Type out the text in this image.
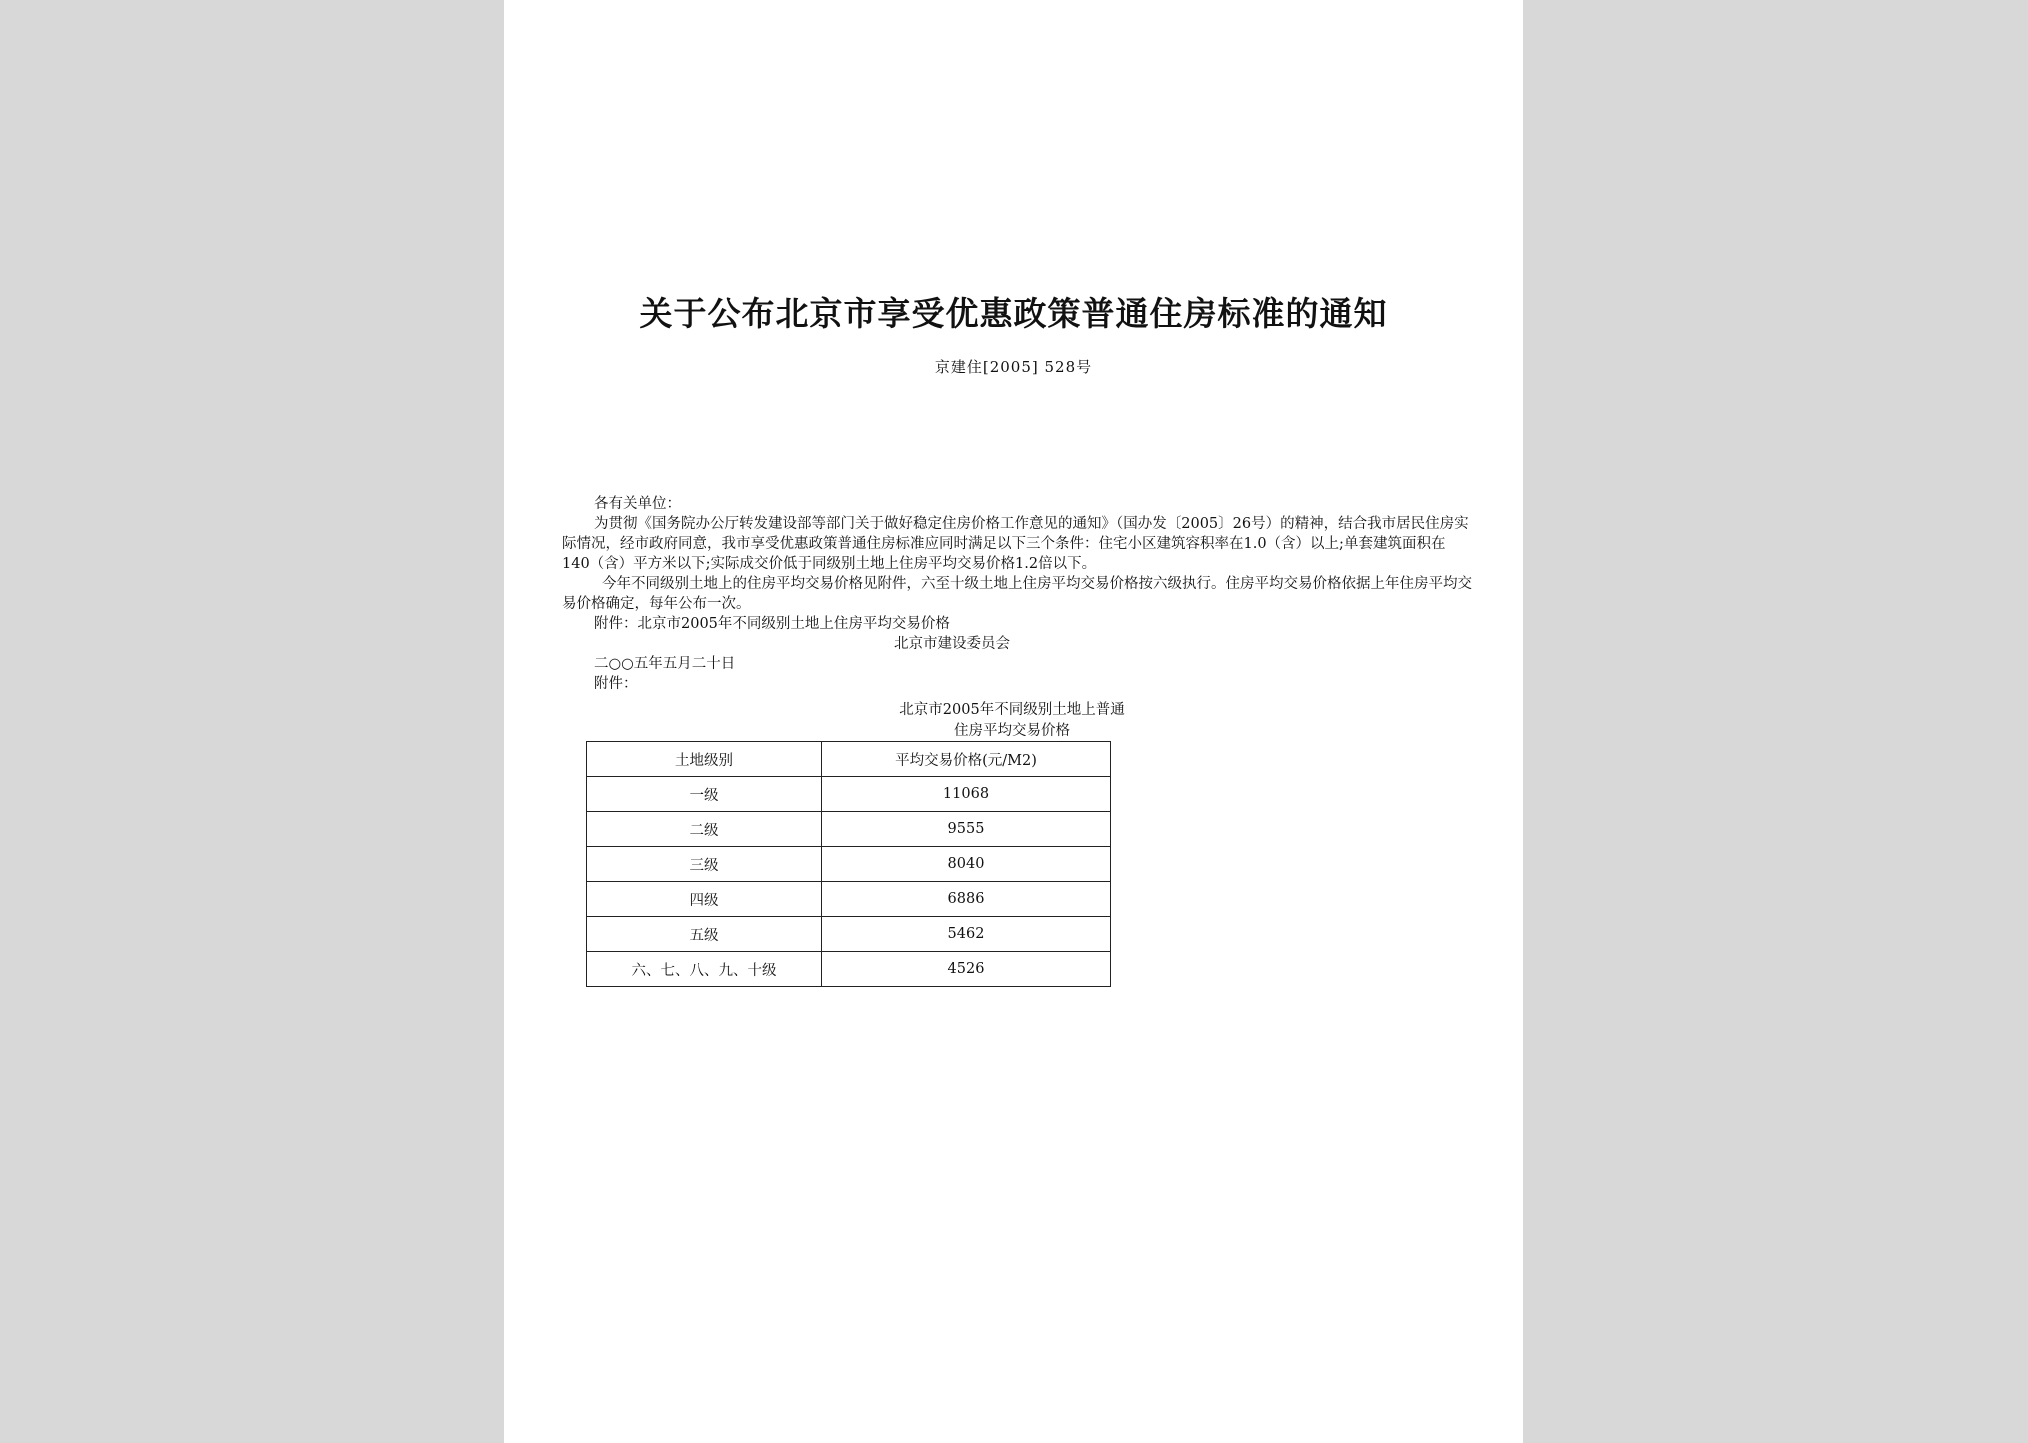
关于公布北京市享受优惠政策普通住房标准的通知
京建住[2005] 528号

各有关单位：

为贯彻《国务院办公厅转发建设部等部门关于做好稳定住房价格工作意见的通知》（国办发〔2005〕26号）的精神，结合我市居民住房实际情况，经市政府同意，我市享受优惠政策普通住房标准应同时满足以下三个条件：住宅小区建筑容积率在1.0（含）以上;单套建筑面积在140（含）平方米以下;实际成交价低于同级别土地上住房平均交易价格1.2倍以下。

今年不同级别土地上的住房平均交易价格见附件，六至十级土地上住房平均交易价格按六级执行。住房平均交易价格依据上年住房平均交易价格确定，每年公布一次。

附件：北京市2005年不同级别土地上住房平均交易价格

北京市建设委员会

二○○五年五月二十日

附件：

北京市2005年不同级别土地上普通
住房平均交易价格
土地级别	平均交易价格(元/M2)
一级	11068
二级	9555
三级	8040
四级	6886
五级	5462
六、七、八、九、十级	4526
